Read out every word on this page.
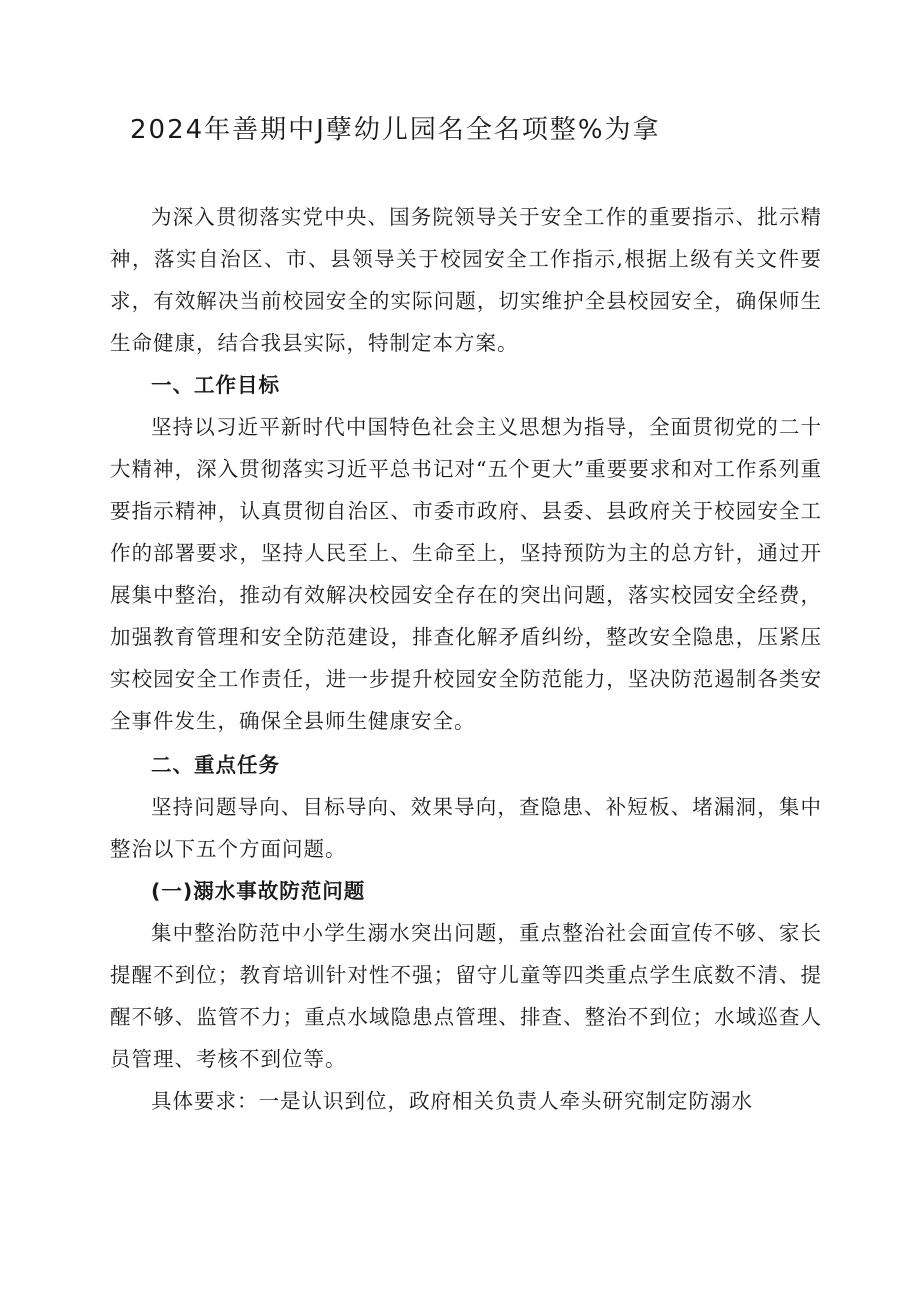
2024年善期中J孽幼儿园名全名项整%为拿

为深入贯彻落实党中央、国务院领导关于安全工作的重要指示、批示精神，落实自治区、市、县领导关于校园安全工作指示,根据上级有关文件要求，有效解决当前校园安全的实际问题，切实维护全县校园安全，确保师生生命健康，结合我县实际，特制定本方案。

一、工作目标

坚持以习近平新时代中国特色社会主义思想为指导，全面贯彻党的二十大精神，深入贯彻落实习近平总书记对“五个更大”重要要求和对工作系列重要指示精神，认真贯彻自治区、市委市政府、县委、县政府关于校园安全工作的部署要求，坚持人民至上、生命至上，坚持预防为主的总方针，通过开展集中整治，推动有效解决校园安全存在的突出问题，落实校园安全经费，加强教育管理和安全防范建设，排查化解矛盾纠纷，整改安全隐患，压紧压实校园安全工作责任，进一步提升校园安全防范能力，坚决防范遏制各类安全事件发生，确保全县师生健康安全。

二、重点任务

坚持问题导向、目标导向、效果导向，查隐患、补短板、堵漏洞，集中整治以下五个方面问题。

(一)溺水事故防范问题

集中整治防范中小学生溺水突出问题，重点整治社会面宣传不够、家长提醒不到位；教育培训针对性不强；留守儿童等四类重点学生底数不清、提醒不够、监管不力；重点水域隐患点管理、排查、整治不到位；水域巡查人员管理、考核不到位等。

具体要求：一是认识到位，政府相关负责人牵头研究制定防溺水
